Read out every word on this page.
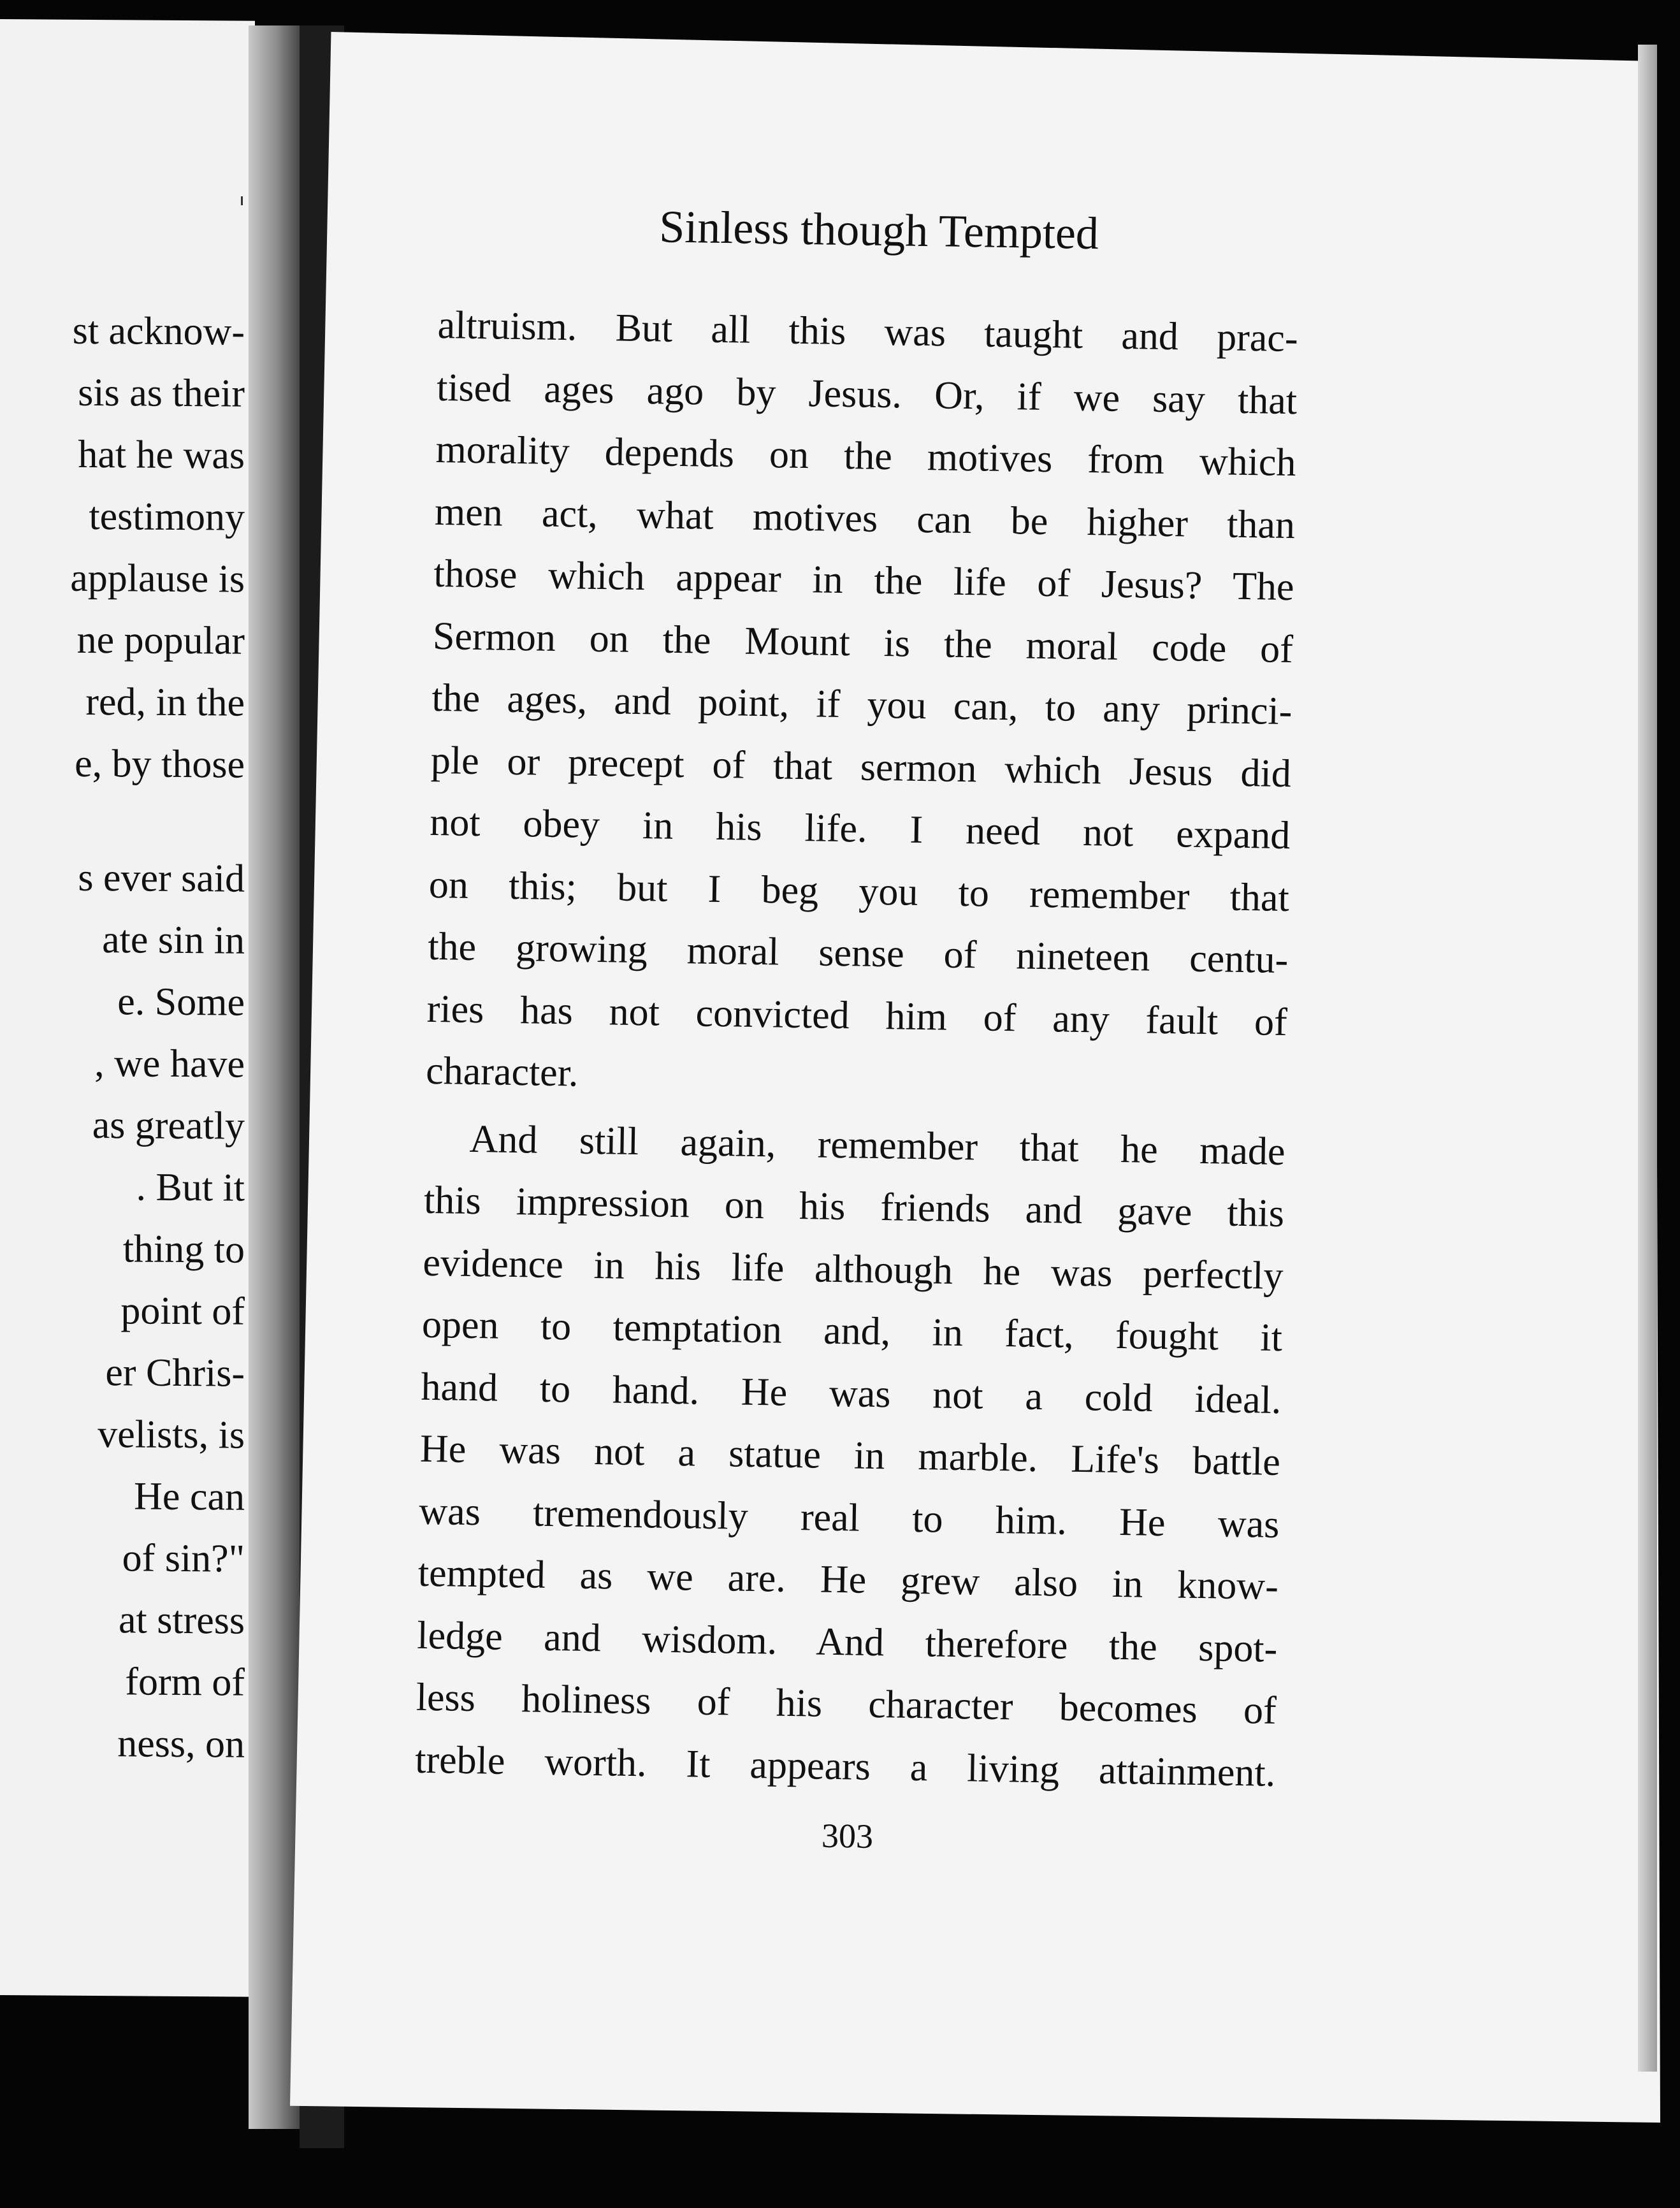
st acknow-
sis as their
hat he was
testimony
applause is
ne popular
red, in the
e, by those
s ever said
ate sin in
e. Some
, we have
as greatly
. But it
thing to
point of
er Chris-
velists, is
He can
of sin?"
at stress
form of
ness, on
Sinless though Tempted

altruism. But all this was taught and prac-
tised ages ago by Jesus. Or, if we say that
morality depends on the motives from which
men act, what motives can be higher than
those which appear in the life of Jesus? The
Sermon on the Mount is the moral code of
the ages, and point, if you can, to any princi-
ple or precept of that sermon which Jesus did
not obey in his life. I need not expand
on this; but I beg you to remember that
the growing moral sense of nineteen centu-
ries has not convicted him of any fault of
character.

And still again, remember that he made
this impression on his friends and gave this
evidence in his life although he was perfectly
open to temptation and, in fact, fought it
hand to hand. He was not a cold ideal.
He was not a statue in marble. Life's battle
was tremendously real to him. He was
tempted as we are. He grew also in know-
ledge and wisdom. And therefore the spot-
less holiness of his character becomes of
treble worth. It appears a living attainment.

303
